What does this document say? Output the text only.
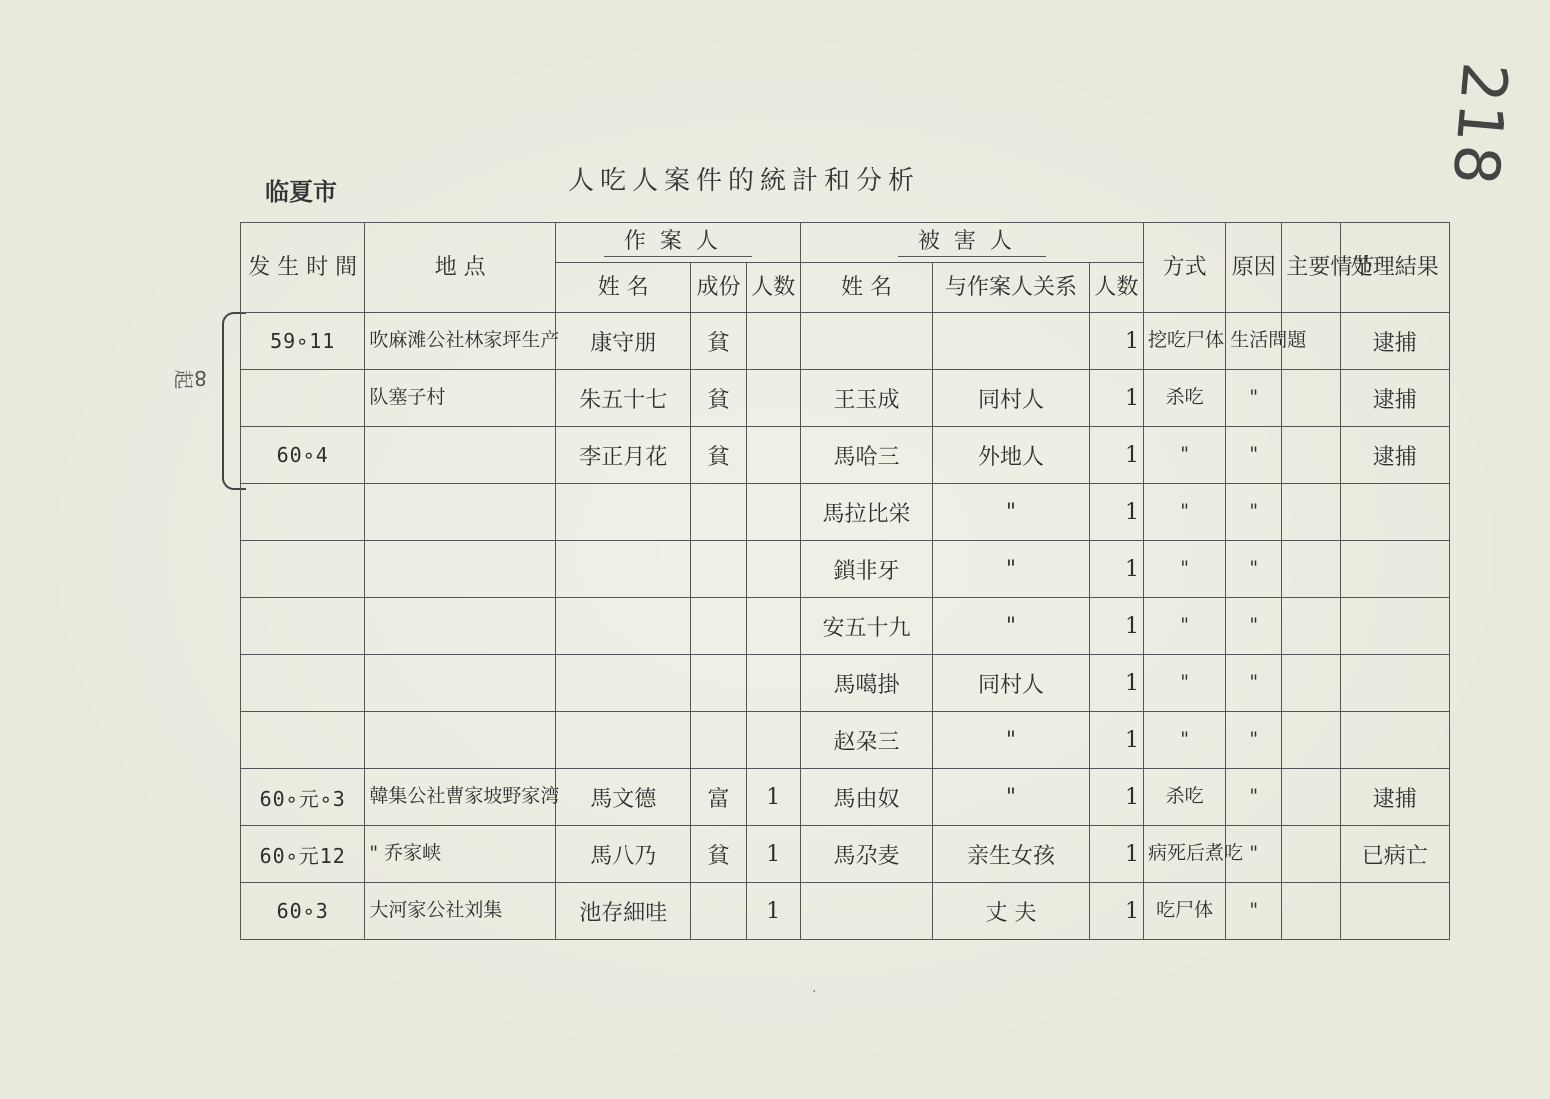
218
临夏市	人吃人案件的統計和分析
8起
发 生 时 間	地 点	作案人			被害人			方式	原因	主要情节	处理結果
		姓 名	成份	人数	姓 名	与作案人关系	人数				
59∘11	吹麻滩公社林家坪生产	康守朋	貧				1	挖吃尸体	生活問題		逮捕
	队塞子村	朱五十七	貧		王玉成	同村人	1	杀吃	"		逮捕
60∘4		李正月花	貧		馬哈三	外地人	1	"	"		逮捕
					馬拉比栄	"	1	"	"		
					鎖非牙	"	1	"	"		
					安五十九	"	1	"	"		
					馬噶掛	同村人	1	"	"		
					赵朶三	"	1	"	"		
60∘元∘3	韓集公社曹家坡野家湾	馬文德	富	1	馬由奴	"	1	杀吃	"		逮捕
60∘元12	" 乔家峡	馬八乃	貧	1	馬尕麦	亲生女孩	1	病死后煮吃	"		已病亡
60∘3	大河家公社刘集	池存細哇		1		丈 夫	1	吃尸体	"		
·
